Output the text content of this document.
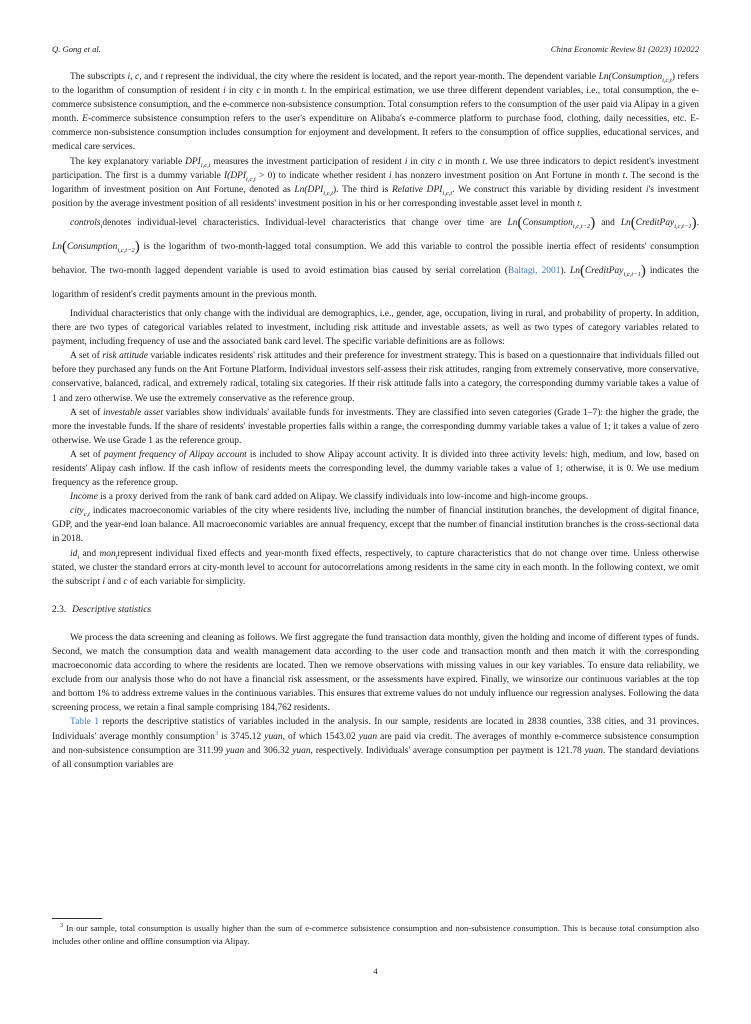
Q. Gong et al.	China Economic Review 81 (2023) 102022

The subscripts i, c, and t represent the individual, the city where the resident is located, and the report year-month. The dependent variable Ln(Consumption$_{i,c,t}$) refers to the logarithm of consumption of resident i in city c in month t. In the empirical estimation, we use three different dependent variables, i.e., total consumption, the e-commerce subsistence consumption, and the e-commerce non-subsistence consumption. Total consumption refers to the consumption of the user paid via Alipay in a given month. E-commerce subsistence consumption refers to the user's expenditure on Alibaba's e-commerce platform to purchase food, clothing, daily necessities, etc. E-commerce non-subsistence consumption includes consumption for enjoyment and development. It refers to the consumption of office supplies, educational services, and medical care services.

The key explanatory variable $DPI_{i,c,t}$ measures the investment participation of resident i in city c in month t. We use three indicators to depict resident's investment participation. The first is a dummy variable $I(DPI_{i,c,t} > 0)$ to indicate whether resident i has nonzero investment position on Ant Fortune in month t. The second is the logarithm of investment position on Ant Fortune, denoted as $Ln(DPI_{i,c,t})$. The third is Relative $DPI_{i,c,t}$. We construct this variable by dividing resident i's investment position by the average investment position of all residents' investment position in his or her corresponding investable asset level in month t.

controls$_i$denotes individual-level characteristics. Individual-level characteristics that change over time are Ln(Consumption$_{i,c,t-2}$) and Ln(CreditPay$_{i,c,t-1}$). Ln(Consumption$_{i,c,t-2}$) is the logarithm of two-month-lagged total consumption. We add this variable to control the possible inertia effect of residents' consumption behavior. The two-month lagged dependent variable is used to avoid estimation bias caused by serial correlation (Baltagi, 2001). Ln(CreditPay$_{i,c,t-1}$) indicates the logarithm of resident's credit payments amount in the previous month.

Individual characteristics that only change with the individual are demographics, i.e., gender, age, occupation, living in rural, and probability of property. In addition, there are two types of categorical variables related to investment, including risk attitude and investable assets, as well as two types of category variables related to payment, including frequency of use and the associated bank card level. The specific variable definitions are as follows:

A set of risk attitude variable indicates residents' risk attitudes and their preference for investment strategy. This is based on a questionnaire that individuals filled out before they purchased any funds on the Ant Fortune Platform. Individual investors self-assess their risk attitudes, ranging from extremely conservative, more conservative, conservative, balanced, radical, and extremely radical, totaling six categories. If their risk attitude falls into a category, the corresponding dummy variable takes a value of 1 and zero otherwise. We use the extremely conservative as the reference group.

A set of investable asset variables show individuals' available funds for investments. They are classified into seven categories (Grade 1–7): the higher the grade, the more the investable funds. If the share of residents' investable properties falls within a range, the corresponding dummy variable takes a value of 1; it takes a value of zero otherwise. We use Grade 1 as the reference group.

A set of payment frequency of Alipay account is included to show Alipay account activity. It is divided into three activity levels: high, medium, and low, based on residents' Alipay cash inflow. If the cash inflow of residents meets the corresponding level, the dummy variable takes a value of 1; otherwise, it is 0. We use medium frequency as the reference group.

Income is a proxy derived from the rank of bank card added on Alipay. We classify individuals into low-income and high-income groups.

city$_{c,t}$ indicates macroeconomic variables of the city where residents live, including the number of financial institution branches, the development of digital finance, GDP, and the year-end loan balance. All macroeconomic variables are annual frequency, except that the number of financial institution branches is the cross-sectional data in 2018.

$id_i$ and mon$_t$represent individual fixed effects and year-month fixed effects, respectively, to capture characteristics that do not change over time. Unless otherwise stated, we cluster the standard errors at city-month level to account for autocorrelations among residents in the same city in each month. In the following context, we omit the subscript i and c of each variable for simplicity.

2.3. Descriptive statistics

We process the data screening and cleaning as follows. We first aggregate the fund transaction data monthly, given the holding and income of different types of funds. Second, we match the consumption data and wealth management data according to the user code and transaction month and then match it with the corresponding macroeconomic data according to where the residents are located. Then we remove observations with missing values in our key variables. To ensure data reliability, we exclude from our analysis those who do not have a financial risk assessment, or the assessments have expired. Finally, we winsorize our continuous variables at the top and bottom 1% to address extreme values in the continuous variables. This ensures that extreme values do not unduly influence our regression analyses. Following the data screening process, we retain a final sample comprising 184,762 residents.

Table 1 reports the descriptive statistics of variables included in the analysis. In our sample, residents are located in 2838 counties, 338 cities, and 31 provinces. Individuals' average monthly consumption$^3$ is 3745.12 yuan, of which 1543.02 yuan are paid via credit. The averages of monthly e-commerce subsistence consumption and non-subsistence consumption are 311.99 yuan and 306.32 yuan, respectively. Individuals' average consumption per payment is 121.78 yuan. The standard deviations of all consumption variables are

$^3$ In our sample, total consumption is usually higher than the sum of e-commerce subsistence consumption and non-subsistence consumption. This is because total consumption also includes other online and offline consumption via Alipay.
4
